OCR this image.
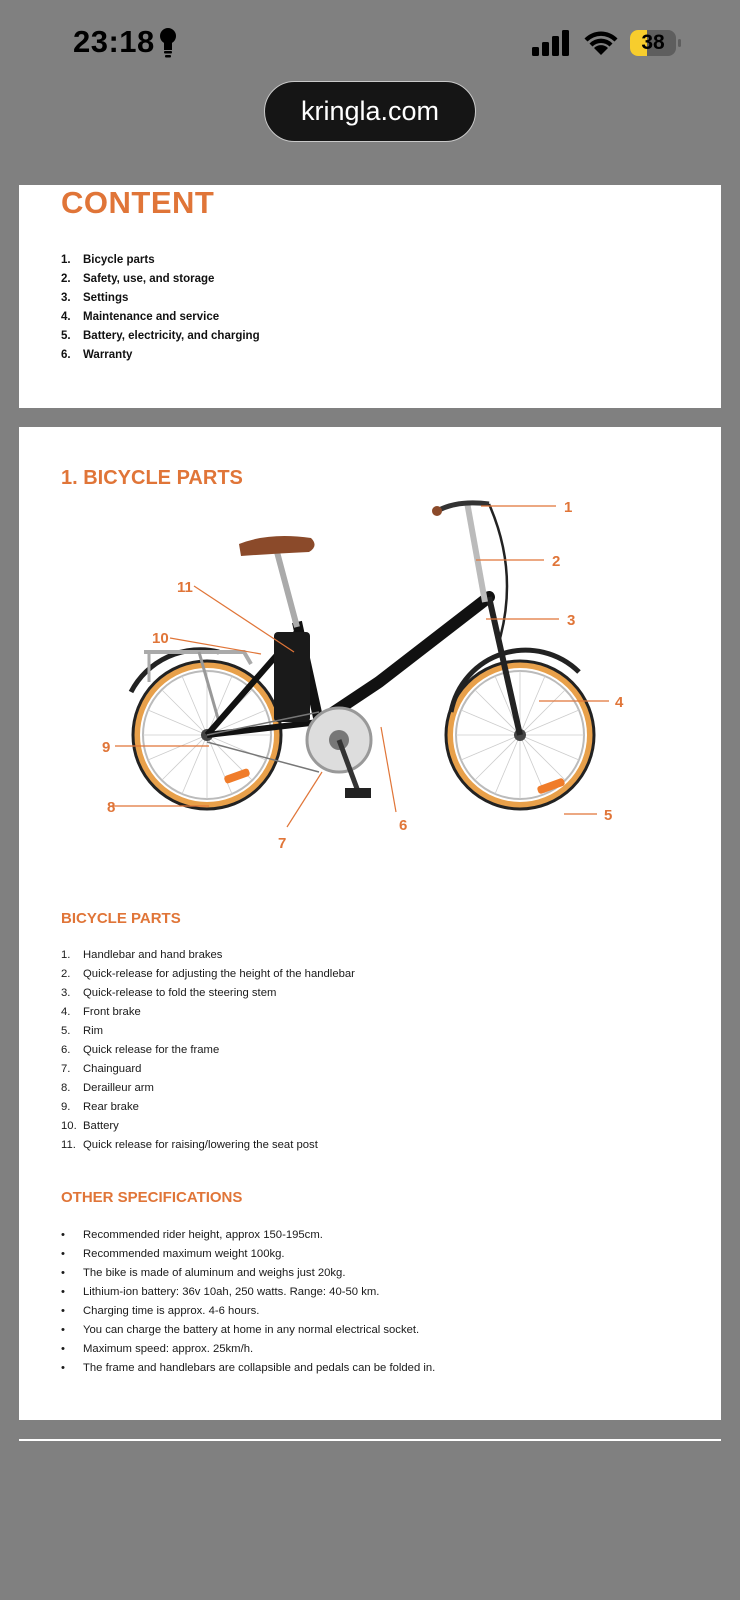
23:18	38
kringla.com
CONTENT
1. Bicycle parts
2. Safety, use, and storage
3. Settings
4. Maintenance and service
5. Battery, electricity, and charging
6. Warranty
1. BICYCLE PARTS
1
2
3
4
5
6
7
8
9
10
11
BICYCLE PARTS
1. Handlebar and hand brakes
2. Quick-release for adjusting the height of the handlebar
3. Quick-release to fold the steering stem
4. Front brake
5. Rim
6. Quick release for the frame
7. Chainguard
8. Derailleur arm
9. Rear brake
10. Battery
11. Quick release for raising/lowering the seat post
OTHER SPECIFICATIONS
• Recommended rider height, approx 150-195cm.
• Recommended maximum weight 100kg.
• The bike is made of aluminum and weighs just 20kg.
• Lithium-ion battery: 36v 10ah, 250 watts. Range: 40-50 km.
• Charging time is approx. 4-6 hours.
• You can charge the battery at home in any normal electrical socket.
• Maximum speed: approx. 25km/h.
• The frame and handlebars are collapsible and pedals can be folded in.
